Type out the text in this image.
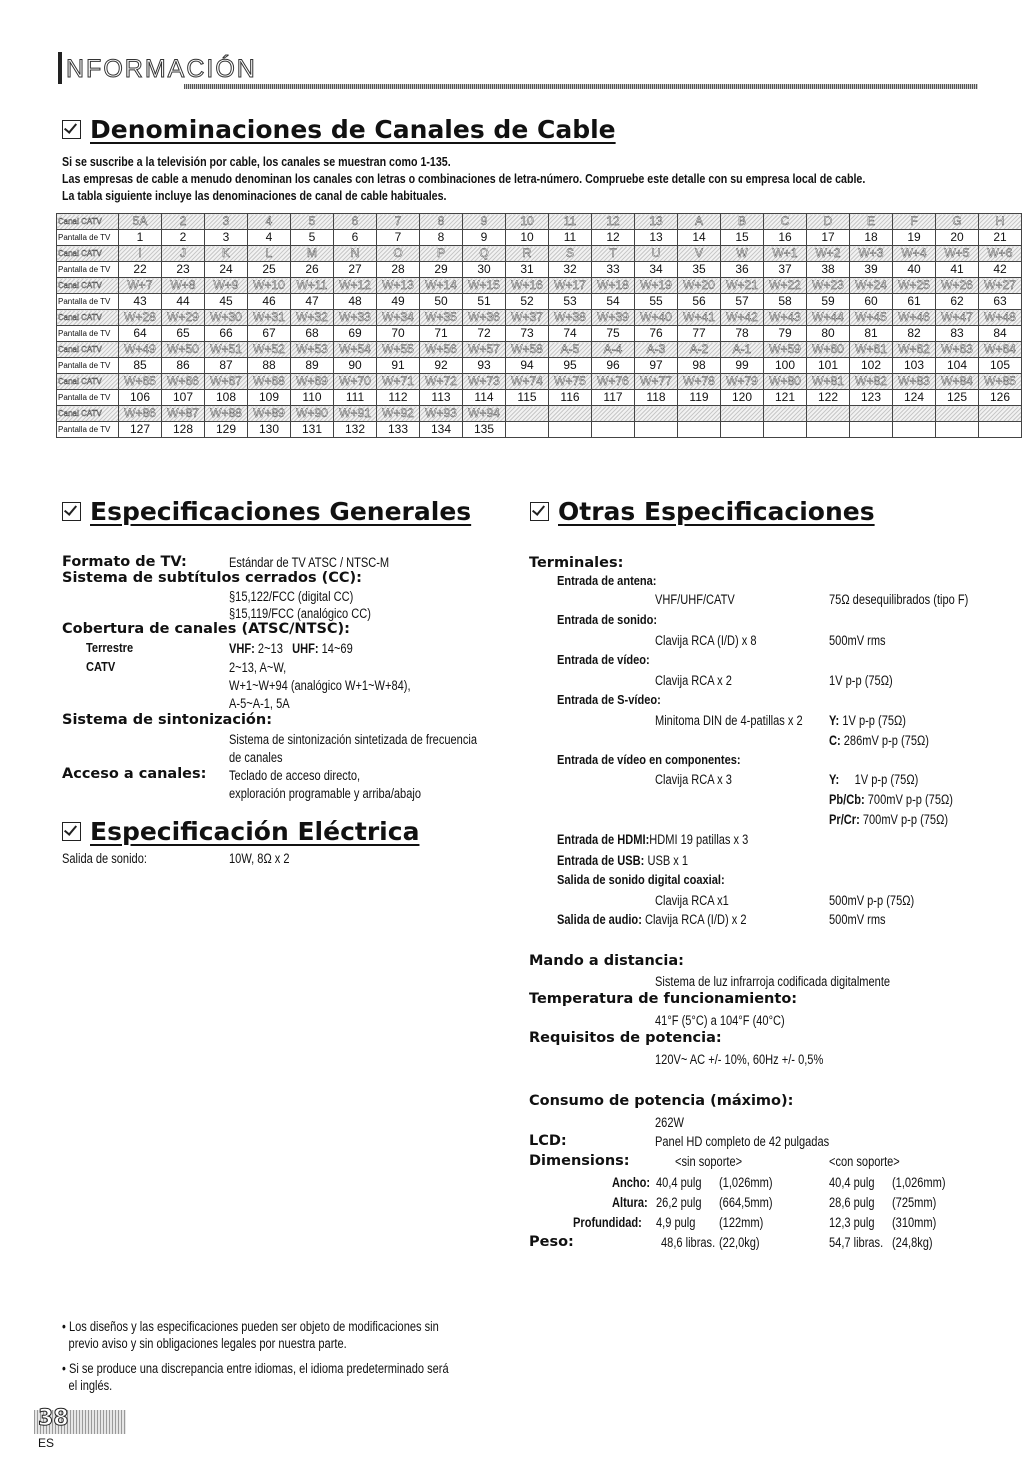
NFORMACIÓN
Denominaciones de Canales de Cable
Si se suscribe a la televisión por cable, los canales se muestran como 1-135.
Las empresas de cable a menudo denominan los canales con letras o combinaciones de letra-número. Compruebe este detalle con su empresa local de cable.
La tabla siguiente incluye las denominaciones de canal de cable habituales.
Canal CATV	5A	2	3	4	5	6	7	8	9	10	11	12	13	A	B	C	D	E	F	G	H
Pantalla de TV	1	2	3	4	5	6	7	8	9	10	11	12	13	14	15	16	17	18	19	20	21
Canal CATV	I	J	K	L	M	N	O	P	Q	R	S	T	U	V	W	W+1	W+2	W+3	W+4	W+5	W+6
Pantalla de TV	22	23	24	25	26	27	28	29	30	31	32	33	34	35	36	37	38	39	40	41	42
Canal CATV	W+7	W+8	W+9	W+10	W+11	W+12	W+13	W+14	W+15	W+16	W+17	W+18	W+19	W+20	W+21	W+22	W+23	W+24	W+25	W+26	W+27
Pantalla de TV	43	44	45	46	47	48	49	50	51	52	53	54	55	56	57	58	59	60	61	62	63
Canal CATV	W+28	W+29	W+30	W+31	W+32	W+33	W+34	W+35	W+36	W+37	W+38	W+39	W+40	W+41	W+42	W+43	W+44	W+45	W+46	W+47	W+48
Pantalla de TV	64	65	66	67	68	69	70	71	72	73	74	75	76	77	78	79	80	81	82	83	84
Canal CATV	W+49	W+50	W+51	W+52	W+53	W+54	W+55	W+56	W+57	W+58	A-5	A-4	A-3	A-2	A-1	W+59	W+60	W+61	W+62	W+63	W+64
Pantalla de TV	85	86	87	88	89	90	91	92	93	94	95	96	97	98	99	100	101	102	103	104	105
Canal CATV	W+65	W+66	W+67	W+68	W+69	W+70	W+71	W+72	W+73	W+74	W+75	W+76	W+77	W+78	W+79	W+80	W+81	W+82	W+83	W+84	W+85
Pantalla de TV	106	107	108	109	110	111	112	113	114	115	116	117	118	119	120	121	122	123	124	125	126
Canal CATV	W+86	W+87	W+88	W+89	W+90	W+91	W+92	W+93	W+94												
Pantalla de TV	127	128	129	130	131	132	133	134	135												
Especificaciones Generales
Formato de TV:	Estándar de TV ATSC / NTSC-M
Sistema de subtítulos cerrados (CC):
§15,122/FCC (digital CC)
§15,119/FCC (analógico CC)
Cobertura de canales (ATSC/NTSC):
Terrestre	VHF: 2~13 UHF: 14~69
CATV	2~13, A~W,
W+1~W+94 (analógico W+1~W+84),
A-5~A-1, 5A
Sistema de sintonización:
Sistema de sintonización sintetizada de frecuencia
de canales
Acceso a canales: Teclado de acceso directo,
exploración programable y arriba/abajo
Especificación Eléctrica
Salida de sonido:	10W, 8Ω x 2
Otras Especificaciones
Terminales:
Entrada de antena:
VHF/UHF/CATV	75Ω desequilibrados (tipo F)
Entrada de sonido:
Clavija RCA (I/D) x 8	500mV rms
Entrada de vídeo:
Clavija RCA x 2	1V p-p (75Ω)
Entrada de S-vídeo:
Minitoma DIN de 4-patillas x 2 Y: 1V p-p (75Ω)
C: 286mV p-p (75Ω)
Entrada de vídeo en componentes:
Clavija RCA x 3	Y: 1V p-p (75Ω)
Pb/Cb: 700mV p-p (75Ω)
Pr/Cr: 700mV p-p (75Ω)
Entrada de HDMI:HDMI 19 patillas x 3
Entrada de USB: USB x 1
Salida de sonido digital coaxial:
Clavija RCA x1	500mV p-p (75Ω)
Salida de audio: Clavija RCA (I/D) x 2	500mV rms
Mando a distancia:
Sistema de luz infrarroja codificada digitalmente
Temperatura de funcionamiento:
41°F (5°C) a 104°F (40°C)
Requisitos de potencia:
120V~ AC +/- 10%, 60Hz +/- 0,5%
Consumo de potencia (máximo):
262W
LCD:	Panel HD completo de 42 pulgadas
Dimensions:	<sin soporte>	<con soporte>
Ancho: 40,4 pulg (1,026mm)	40,4 pulg (1,026mm)
Altura: 26,2 pulg (664,5mm)	28,6 pulg (725mm)
Profundidad: 4,9 pulg (122mm)	12,3 pulg (310mm)
Peso:	48,6 libras. (22,0kg)	54,7 libras. (24,8kg)
• Los diseños y las especificaciones pueden ser objeto de modificaciones sin
previo aviso y sin obligaciones legales por nuestra parte.
• Si se produce una discrepancia entre idiomas, el idioma predeterminado será
el inglés.
38
ES
